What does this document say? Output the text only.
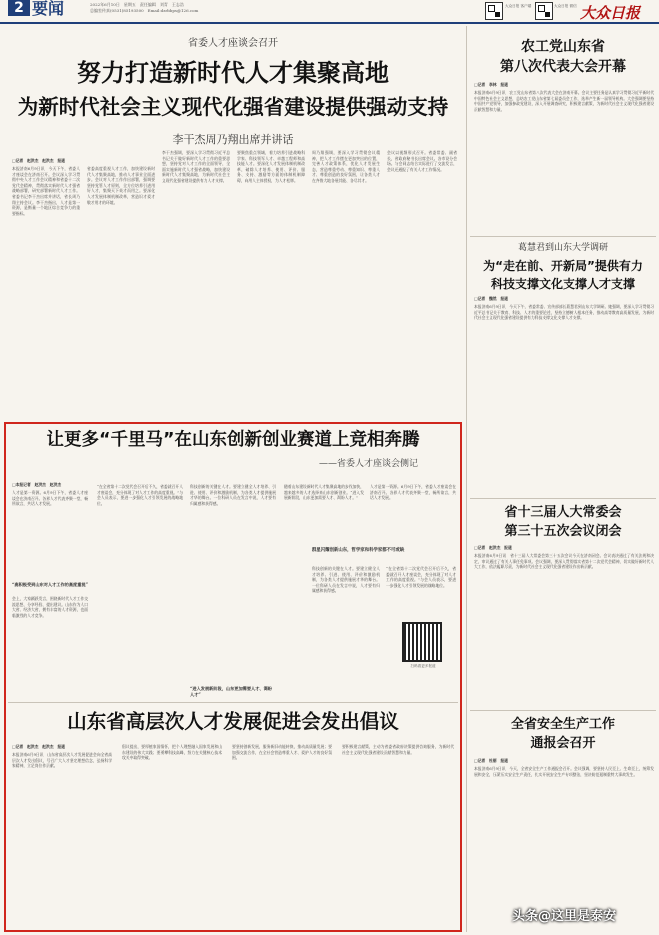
2 要闻	2022年6月10日　星期五　责任编辑　刘青　王志浩
总编室传真(0531)85193500　Email:dzrbbps@126.com
大众日报 客户端	大众日报 微信 大众日报
省委人才座谈会召开
努力打造新时代人才集聚高地
为新时代社会主义现代化强省建设提供强动支持
李干杰周乃翔出席并讲话
□记者　赵洪杰　赵洪杰　报道
本报济南6月9日讯　今天下午，省委人才座谈会在济南召开。会议深入学习贯彻中央人才工作会议精神和省委十二次党代会精神，贯彻落实新时代人才强省战略部署，研究部署新时代人才工作。省委书记李干杰出席并讲话，省长周乃翔主持会议。李干杰指出，人才是第一资源，是衡量一个地区综合竞争力的重要指标。
省委高度重视人才工作，加快建设新时代人才集聚高地，推动人才事业全面进步。会议对人才工作作出部署，强调要坚持党管人才原则，全方位培养引进用好人才，集聚天下英才而用之。要深化人才发展体制机制改革，营造识才爱才敬才用才的环境。
李干杰强调，要深入学习贯彻习近平总书记关于做好新时代人才工作的重要思想，坚持党对人才工作的全面领导，全面实施新时代人才强省战略，加快建设新时代人才集聚高地，为新时代社会主义现代化强省建设提供有力人才支撑。
要聚焦重点领域，着力培养引进战略科学家、科技领军人才、卓越工程师和高技能人才。要深化人才发展体制机制改革，破除人才培养、使用、评价、服务、支持、激励等方面的体制机制障碍，向用人主体授权，为人才松绑。
周乃翔强调，要深入学习贯彻会议精神，把人才工作摆在更加突出的位置，完善人才政策体系，优化人才发展生态，营造尊重劳动、尊重知识、尊重人才、尊重创造的良好氛围，让各类人才在齐鲁大地各展其能、各尽其才。
会议以视频形式召开。省委常委、副省长，省政府秘书长出席会议。各市设分会场。与会同志结合实际进行了交流发言，会议还通报了有关人才工作情况。
农工党山东省
第八次代表大会开幕
□记者　李林　报道
本报济南6月9日讯　农工党山东省第八次代表大会在济南开幕。会议主要任务是认真学习贯彻习近平新时代中国特色社会主义思想，总结农工党山东省第七届委员会工作，选举产生新一届领导机构。大会强调要坚持中国共产党领导，加强参政党建设，深入开展调查研究，积极建言献策，为新时代社会主义现代化强省建设贡献智慧和力量。
葛慧君到山东大学调研
为“走在前、开新局”提供有力
科技支撑文化支撑人才支撑
□记者　魏然　报道
本报济南6月9日讯　今天下午，省委常委、宣传部部长葛慧君到山东大学调研。她强调，要深入学习贯彻习近平总书记关于教育、科技、人才的重要论述，坚持立德树人根本任务，推动高等教育高质量发展，为新时代社会主义现代化强省建设提供有力科技支撑文化支撑人才支撑。
让更多“千里马”在山东创新创业赛道上竞相奔腾
——省委人才座谈会侧记
□本报记者　赵洪杰　赵洪杰
人才是第一资源。6月9日下午，省委人才座谈会在济南召开。各界人才代表齐聚一堂，畅所欲言，共话人才发展。
“高积极受到山东对人才工作的高度重视”
会上，大家踊跃发言，围绕新时代人才工作交流思想、分享经验、提出建议。山东作为人口大省、经济大省，拥有丰富的人才资源，也面临激烈的人才竞争。
“在全省第十二次党代会召开后不久，省委就召开人才座谈会，充分体现了对人才工作的高度重视。”与会人员表示，要进一步强化人才引领发展的战略地位。
科技创新的关键在人才。要建立健全人才培养、引进、使用、评价和激励机制，为各类人才提供施展才华的舞台。一位科研人员在发言中说，人才要有归属感和获得感。
“进入发展新阶段，山东更加需要人才、渴盼人才”
随着山东建设新时代人才集聚高地的步伐加快，越来越多的人才选择来山东创新创业。“进入发展新阶段，山东更加需要人才、渴盼人才。”
群星闪耀创新山东，哲学家和科学家都不可或缺
人才是第一资源。6月9日下午，省委人才座谈会在济南召开。各界人才代表齐聚一堂，畅所欲言，共话人才发展。
科技创新的关键在人才。要建立健全人才培养、引进、使用、评价和激励机制，为各类人才提供施展才华的舞台。一位科研人员在发言中说，人才要有归属感和获得感。
“在全省第十二次党代会召开后不久，省委就召开人才座谈会，充分体现了对人才工作的高度重视。”与会人员表示，要进一步强化人才引领发展的战略地位。
扫码看更多报道
山东省高层次人才发展促进会发出倡议
□记者　赵洪杰　赵洪杰　报道
本报济南6月9日讯　山东省高层次人才发展促进会向全省高层次人才发出倡议，号召广大人才坚定理想信念，弘扬科学家精神，立足岗位作贡献。
倡议提出，要厚植家国情怀，把个人理想融入国家发展和山东建设的伟大实践；要勇攀科技高峰，努力在关键核心技术攻关中取得突破。
要坚持创新发展，服务新旧动能转换，推动高质量发展；要加强交流合作，在全社会营造尊重人才、爱护人才的良好氛围。
要积极建言献策，主动为省委省政府决策提供咨询服务，为新时代社会主义现代化强省建设贡献智慧和力量。
省十三届人大常委会
第三十五次会议闭会
□记者　赵洪杰　报道
本报济南6月9日讯　省十三届人大常委会第三十五次会议今天在济南闭会。会议表决通过了有关法规和决定，审议通过了有关人事任免事项。会议强调，要深入贯彻落实省第十二次党代会精神，切实做好新时代人大工作，依法履职尽责，为新时代社会主义现代化强省建设作出新贡献。
全省安全生产工作
通报会召开
□记者　杜丽　报道
本报济南6月9日讯　今天，全省安全生产工作通报会召开。会议强调，要坚持人民至上、生命至上，统筹发展和安全，压紧压实安全生产责任，扎实开展安全生产专项整治，坚决防范遏制重特大事故发生。
头条@这里是泰安
